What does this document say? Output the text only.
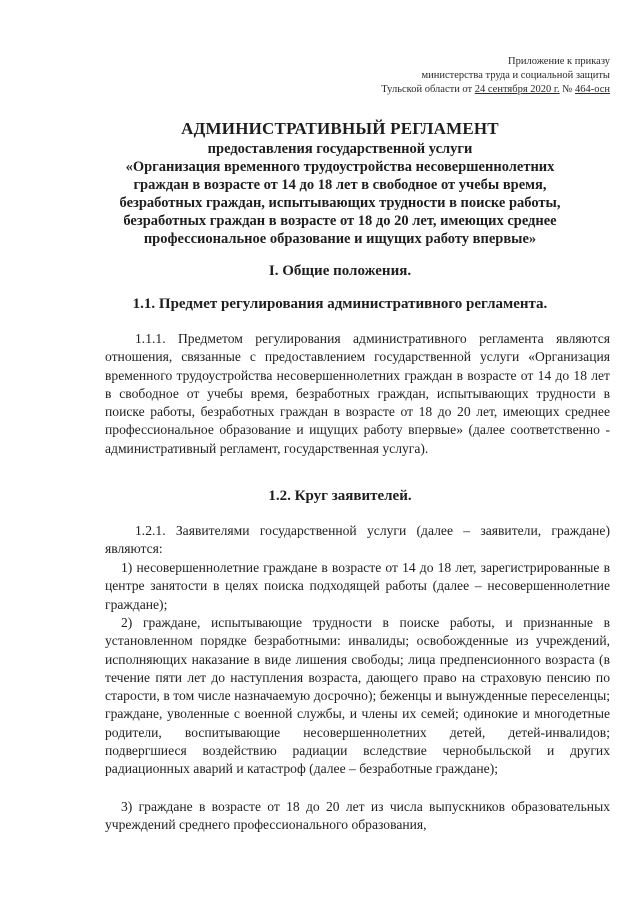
Приложение к приказу
министерства труда и социальной защиты
Тульской области от 24 сентября 2020 г. № 464-осн
АДМИНИСТРАТИВНЫЙ РЕГЛАМЕНТ
предоставления государственной услуги
«Организация временного трудоустройства несовершеннолетних
граждан в возрасте от 14 до 18 лет в свободное от учебы время,
безработных граждан, испытывающих трудности в поиске работы,
безработных граждан в возрасте от 18 до 20 лет, имеющих среднее
профессиональное образование и ищущих работу впервые»
I. Общие положения.
1.1. Предмет регулирования административного регламента.
1.1.1. Предметом регулирования административного регламента являются отношения, связанные с предоставлением государственной услуги «Организация временного трудоустройства несовершеннолетних граждан в возрасте от 14 до 18 лет в свободное от учебы время, безработных граждан, испытывающих трудности в поиске работы, безработных граждан в возрасте от 18 до 20 лет, имеющих среднее профессиональное образование и ищущих работу впервые» (далее соответственно - административный регламент, государственная услуга).
1.2. Круг заявителей.
1.2.1. Заявителями государственной услуги (далее – заявители, граждане) являются:
1) несовершеннолетние граждане в возрасте от 14 до 18 лет, зарегистрированные в центре занятости в целях поиска подходящей работы (далее – несовершеннолетние граждане);
2) граждане, испытывающие трудности в поиске работы, и признанные в установленном порядке безработными: инвалиды; освобожденные из учреждений, исполняющих наказание в виде лишения свободы; лица предпенсионного возраста (в течение пяти лет до наступления возраста, дающего право на страховую пенсию по старости, в том числе назначаемую досрочно); беженцы и вынужденные переселенцы; граждане, уволенные с военной службы, и члены их семей; одинокие и многодетные родители, воспитывающие несовершеннолетних детей, детей-инвалидов; подвергшиеся воздействию радиации вследствие чернобыльской и других радиационных аварий и катастроф (далее – безработные граждане);
3) граждане в возрасте от 18 до 20 лет из числа выпускников образовательных учреждений среднего профессионального образования,
